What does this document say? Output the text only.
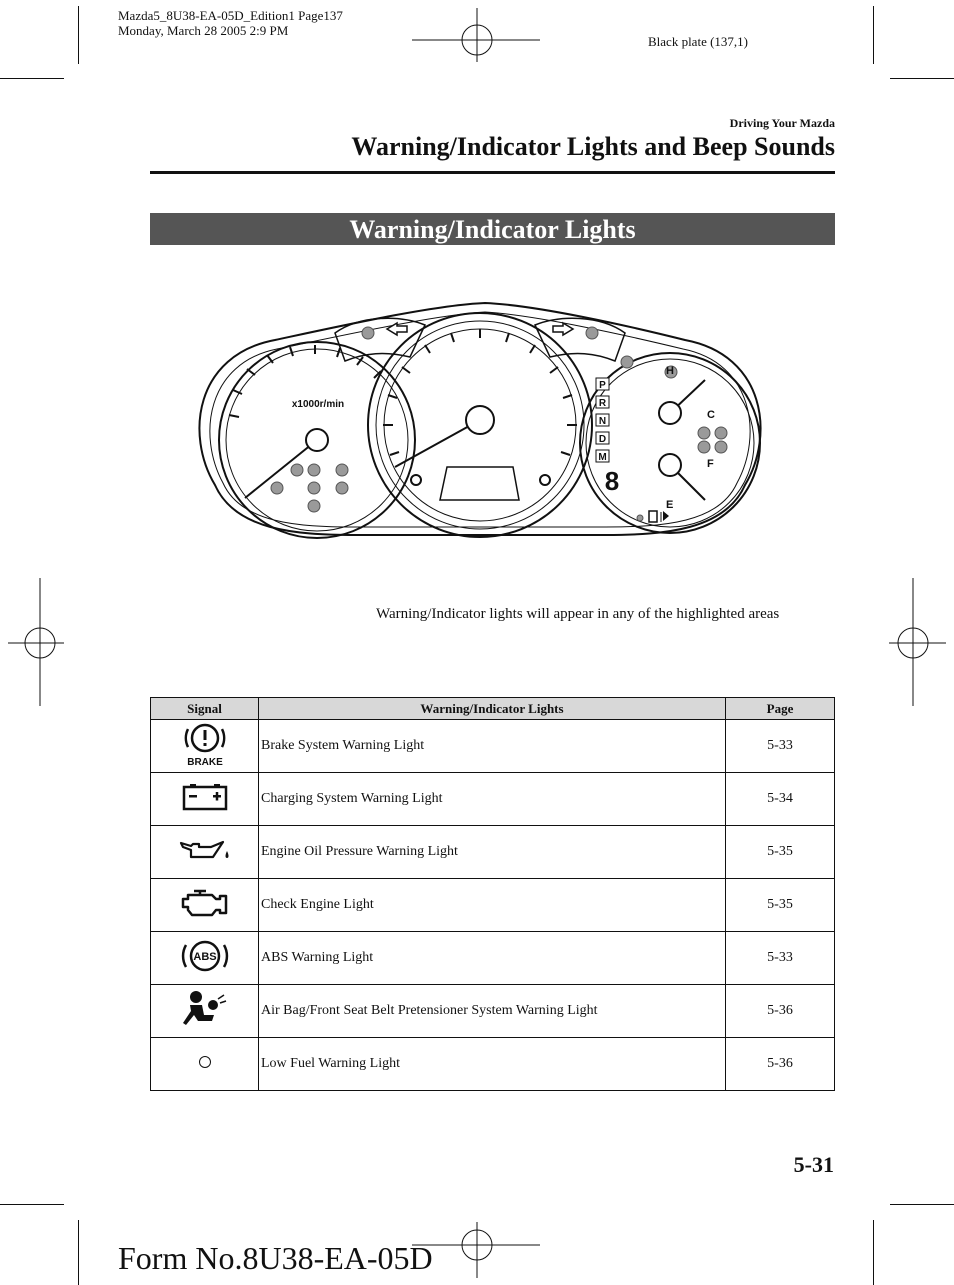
Mazda5_8U38-EA-05D_Edition1 Page137
Monday, March 28 2005 2:9 PM
Black plate (137,1)
Driving Your Mazda
Warning/Indicator Lights and Beep Sounds
Warning/Indicator Lights
P
R
N
D
M
8
x1000r/min
H
C
F
E
Warning/Indicator lights will appear in any of the highlighted areas
Signal	Warning/Indicator Lights	Page

BRAKE	Brake System Warning Light	5-33
	Charging System Warning Light	5-34
	Engine Oil Pressure Warning Light	5-35
	Check Engine Light	5-35

ABS	ABS Warning Light	5-33
	Air Bag/Front Seat Belt Pretensioner System Warning Light	5-36
	Low Fuel Warning Light	5-36
5-31
Form No.8U38-EA-05D
